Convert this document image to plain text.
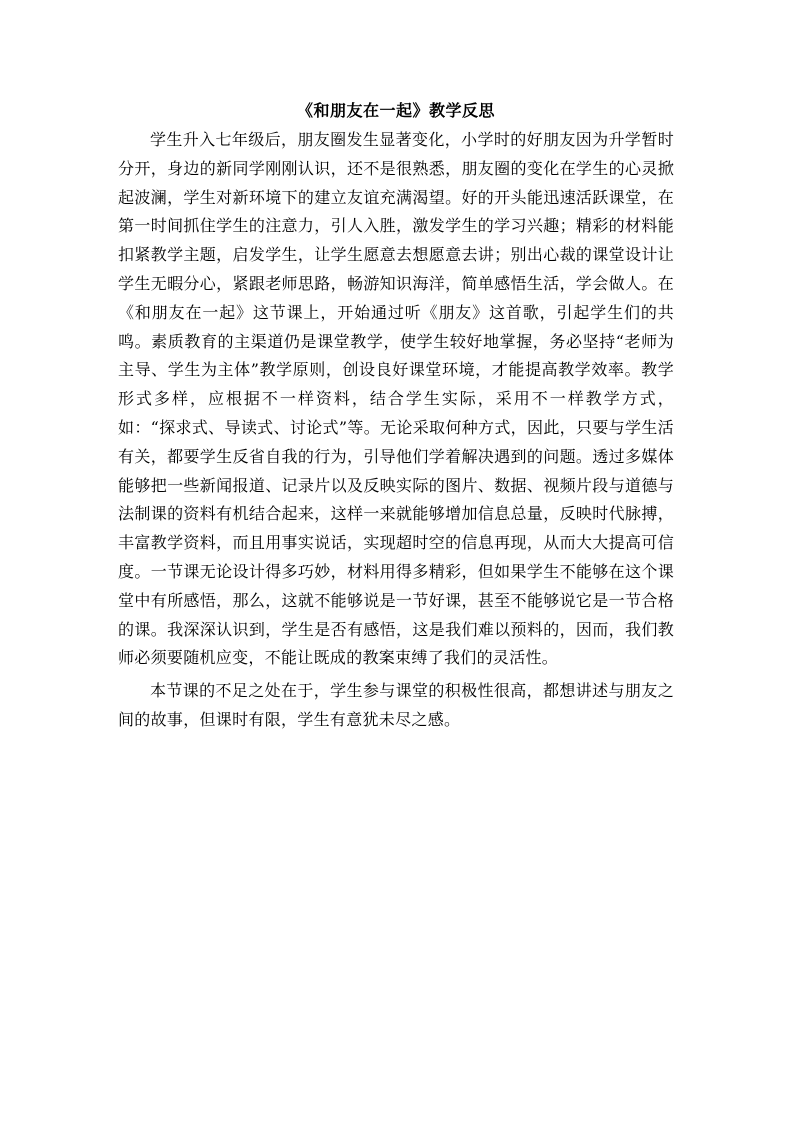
《和朋友在一起》教学反思

学生升入七年级后，朋友圈发生显著变化，小学时的好朋友因为升学暂时分开，身边的新同学刚刚认识，还不是很熟悉，朋友圈的变化在学生的心灵掀起波澜，学生对新环境下的建立友谊充满渴望。好的开头能迅速活跃课堂，在第一时间抓住学生的注意力，引人入胜，激发学生的学习兴趣；精彩的材料能扣紧教学主题，启发学生，让学生愿意去想愿意去讲；别出心裁的课堂设计让学生无暇分心，紧跟老师思路，畅游知识海洋，简单感悟生活，学会做人。在《和朋友在一起》这节课上，开始通过听《朋友》这首歌，引起学生们的共鸣。素质教育的主渠道仍是课堂教学，使学生较好地掌握，务必坚持“老师为主导、学生为主体”教学原则，创设良好课堂环境，才能提高教学效率。教学形式多样，应根据不一样资料，结合学生实际，采用不一样教学方式，如：“探求式、导读式、讨论式”等。无论采取何种方式，因此，只要与学生活有关，都要学生反省自我的行为，引导他们学着解决遇到的问题。透过多媒体能够把一些新闻报道、记录片以及反映实际的图片、数据、视频片段与道德与法制课的资料有机结合起来，这样一来就能够增加信息总量，反映时代脉搏，丰富教学资料，而且用事实说话，实现超时空的信息再现，从而大大提高可信度。一节课无论设计得多巧妙，材料用得多精彩，但如果学生不能够在这个课堂中有所感悟，那么，这就不能够说是一节好课，甚至不能够说它是一节合格的课。我深深认识到，学生是否有感悟，这是我们难以预料的，因而，我们教师必须要随机应变，不能让既成的教案束缚了我们的灵活性。

本节课的不足之处在于，学生参与课堂的积极性很高，都想讲述与朋友之间的故事，但课时有限，学生有意犹未尽之感。
